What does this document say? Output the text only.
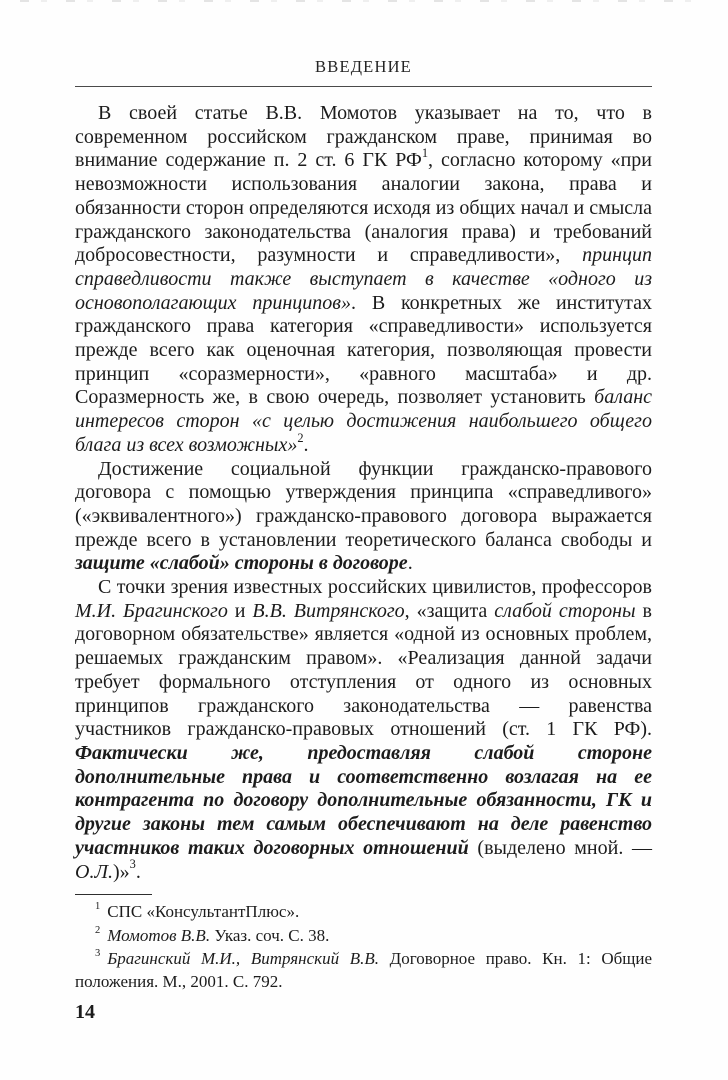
ВВЕДЕНИЕ

В своей статье В.В. Момотов указывает на то, что в современном российском гражданском праве, принимая во внимание содержание п. 2 ст. 6 ГК РФ$^1$, согласно которому «при невозможности использования аналогии закона, права и обязанности сторон определяются исходя из общих начал и смысла гражданского законодательства (аналогия права) и требований добросовестности, разумности и справедливости», принцип справедливости также выступает в качестве «одного из основополагающих принципов». В конкретных же институтах гражданского права категория «справедливости» используется прежде всего как оценочная категория, позволяющая провести принцип «соразмерности», «равного масштаба» и др. Соразмерность же, в свою очередь, позволяет установить баланс интересов сторон «с целью достижения наибольшего общего блага из всех возможных»$^2$.

Достижение социальной функции гражданско-правового договора с помощью утверждения принципа «справедливого» («эквивалентного») гражданско-правового договора выражается прежде всего в установлении теоретического баланса свободы и защите «слабой» стороны в договоре.

С точки зрения известных российских цивилистов, профессоров М.И. Брагинского и В.В. Витрянского, «защита слабой стороны в договорном обязательстве» является «одной из основных проблем, решаемых гражданским правом». «Реализация данной задачи требует формального отступления от одного из основных принципов гражданского законодательства — равенства участников гражданско-правовых отношений (ст. 1 ГК РФ). Фактически же, предоставляя слабой стороне дополнительные права и соответственно возлагая на ее контрагента по договору дополнительные обязанности, ГК и другие законы тем самым обеспечивают на деле равенство участников таких договорных отношений (выделено мной. — О.Л.)»$^3$.

$^1$ СПС «КонсультантПлюс».

$^2$ Момотов В.В. Указ. соч. С. 38.

$^3$ Брагинский М.И., Витрянский В.В. Договорное право. Кн. 1: Общие положения. М., 2001. С. 792.

14
